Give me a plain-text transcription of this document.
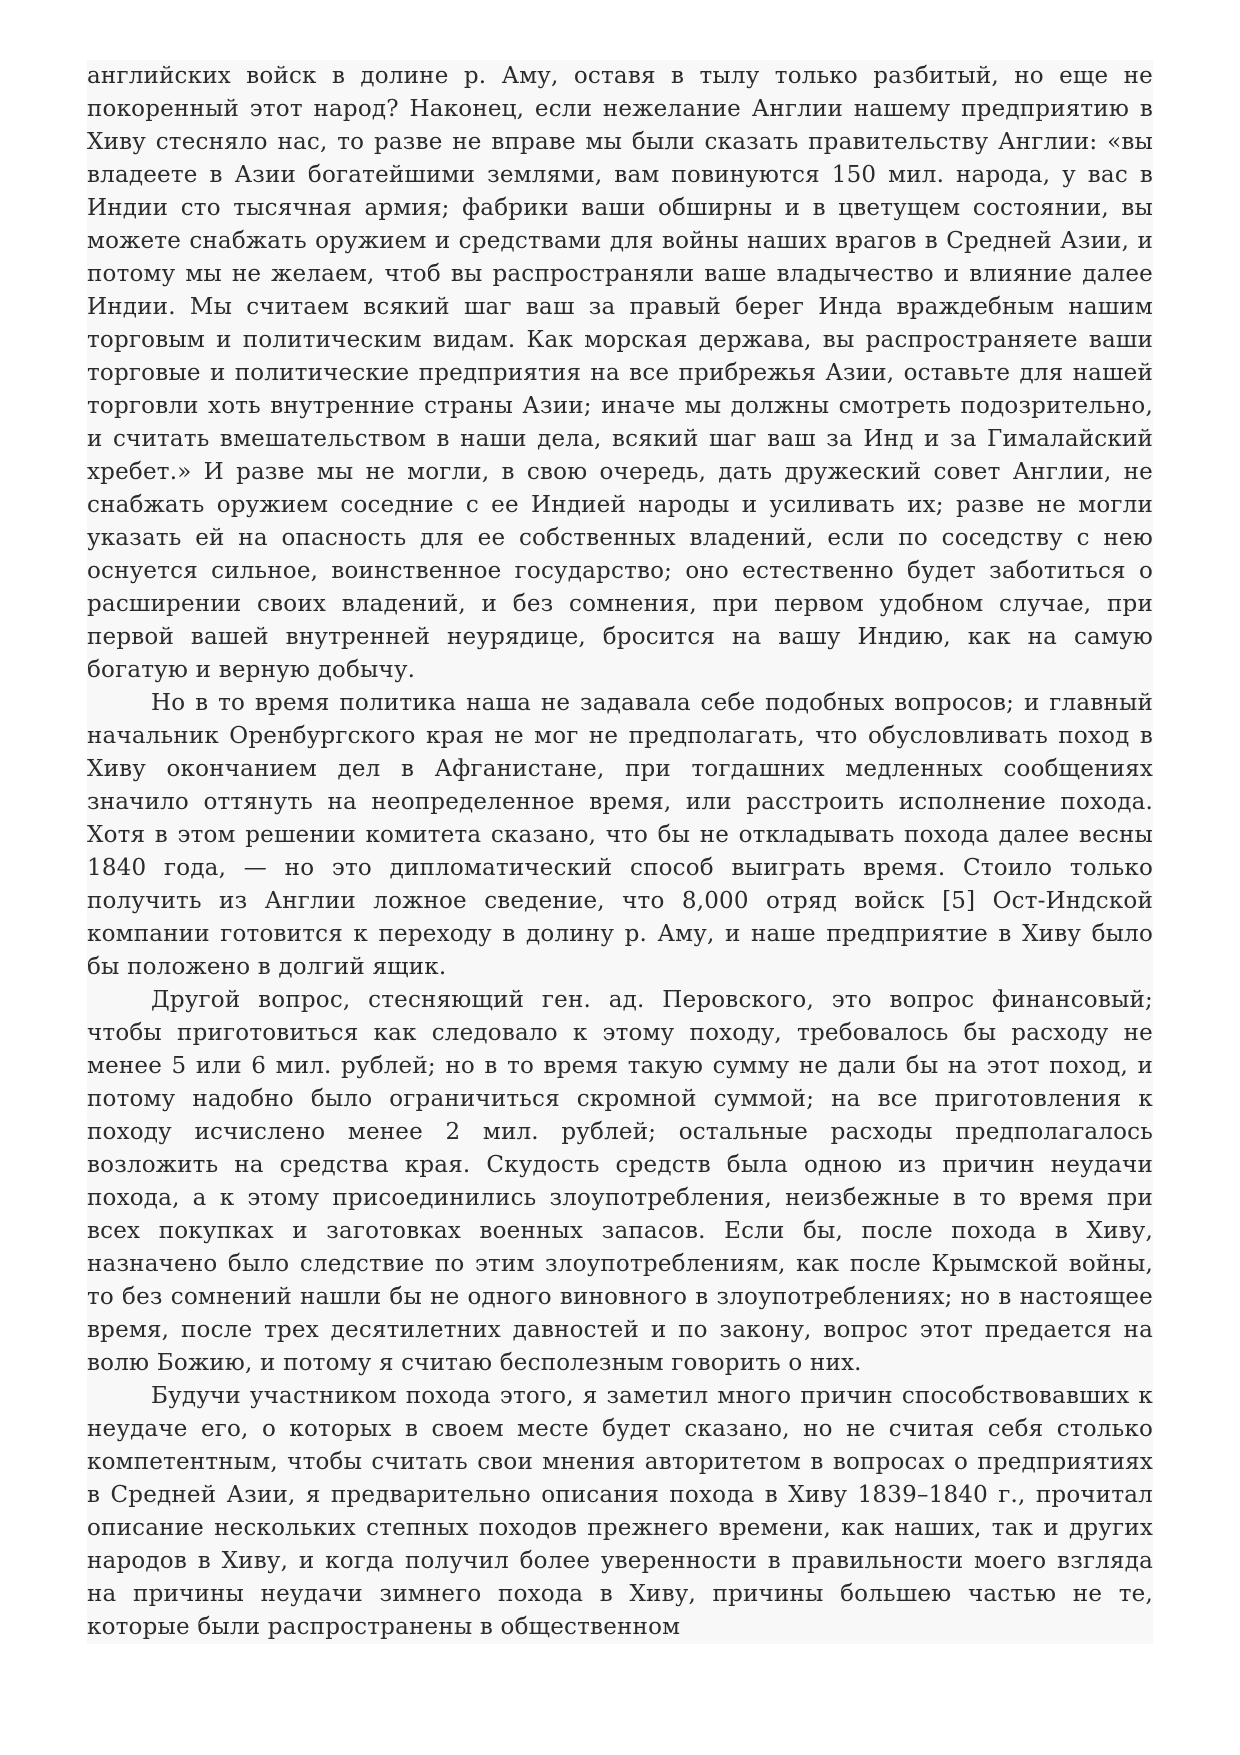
английских войск в долине р. Аму, оставя в тылу только разбитый, но еще не покоренный этот народ? Наконец, если нежелание Англии нашему предприятию в Хиву стесняло нас, то разве не вправе мы были сказать правительству Англии: «вы владеете в Азии богатейшими землями, вам повинуются 150 мил. народа, у вас в Индии сто тысячная армия; фабрики ваши обширны и в цветущем состоянии, вы можете снабжать оружием и средствами для войны наших врагов в Средней Азии, и потому мы не желаем, чтоб вы распространяли ваше владычество и влияние далее Индии. Мы считаем всякий шаг ваш за правый берег Инда враждебным нашим торговым и политическим видам. Как морская держава, вы распространяете ваши торговые и политические предприятия на все прибрежья Азии, оставьте для нашей торговли хоть внутренние страны Азии; иначе мы должны смотреть подозрительно, и считать вмешательством в наши дела, всякий шаг ваш за Инд и за Гималайский хребет.» И разве мы не могли, в свою очередь, дать дружеский совет Англии, не снабжать оружием соседние с ее Индией народы и усиливать их; разве не могли указать ей на опасность для ее собственных владений, если по соседству с нею оснуется сильное, воинственное государство; оно естественно будет заботиться о расширении своих владений, и без сомнения, при первом удобном случае, при первой вашей внутренней неурядице, бросится на вашу Индию, как на самую богатую и верную добычу.

Но в то время политика наша не задавала себе подобных вопросов; и главный начальник Оренбургского края не мог не предполагать, что обусловливать поход в Хиву окончанием дел в Афганистане, при тогдашних медленных сообщениях значило оттянуть на неопределенное время, или расстроить исполнение похода. Хотя в этом решении комитета сказано, что бы не откладывать похода далее весны 1840 года, — но это дипломатический способ выиграть время. Стоило только получить из Англии ложное сведение, что 8,000 отряд войск [5] Ост-Индской компании готовится к переходу в долину р. Аму, и наше предприятие в Хиву было бы положено в долгий ящик.

Другой вопрос, стесняющий ген. ад. Перовского, это вопрос финансовый; чтобы приготовиться как следовало к этому походу, требовалось бы расходу не менее 5 или 6 мил. рублей; но в то время такую сумму не дали бы на этот поход, и потому надобно было ограничиться скромной суммой; на все приготовления к походу исчислено менее 2 мил. рублей; остальные расходы предполагалось возложить на средства края. Скудость средств была одною из причин неудачи похода, а к этому присоединились злоупотребления, неизбежные в то время при всех покупках и заготовках военных запасов. Если бы, после похода в Хиву, назначено было следствие по этим злоупотреблениям, как после Крымской войны, то без сомнений нашли бы не одного виновного в злоупотреблениях; но в настоящее время, после трех десятилетних давностей и по закону, вопрос этот предается на волю Божию, и потому я считаю бесполезным говорить о них.

Будучи участником похода этого, я заметил много причин способствовавших к неудаче его, о которых в своем месте будет сказано, но не считая себя столько компетентным, чтобы считать свои мнения авторитетом в вопросах о предприятиях в Средней Азии, я предварительно описания похода в Хиву 1839–1840 г., прочитал описание нескольких степных походов прежнего времени, как наших, так и других народов в Хиву, и когда получил более уверенности в правильности моего взгляда на причины неудачи зимнего похода в Хиву, причины большею частью не те, которые были распространены в общественном
